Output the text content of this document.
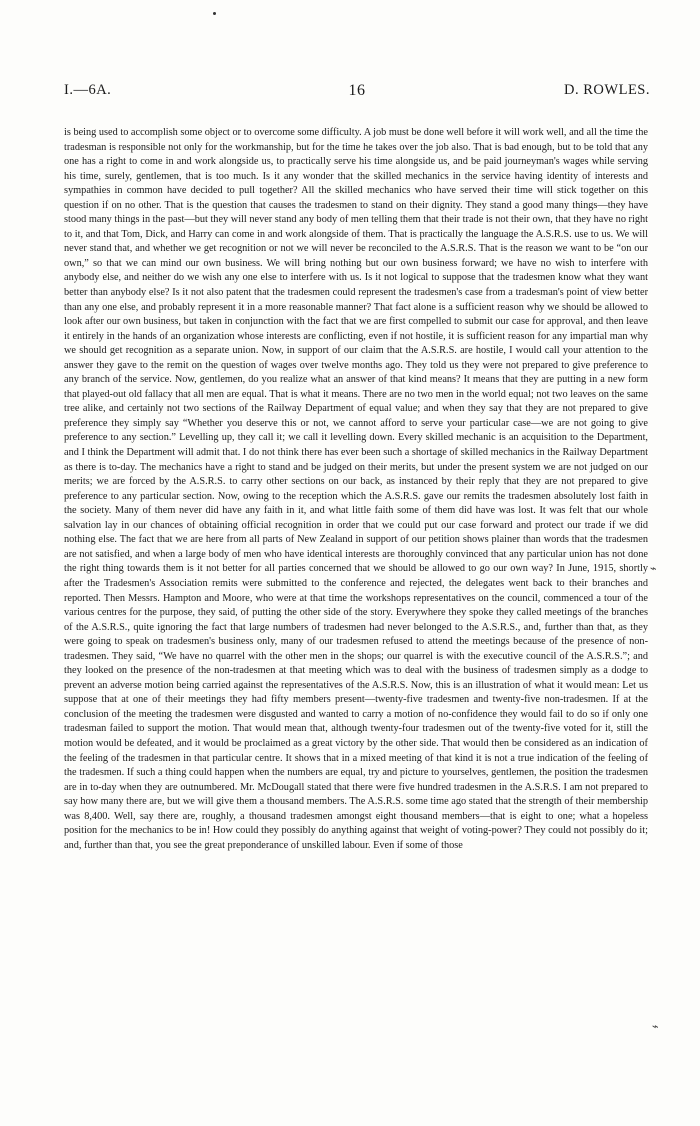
I.—6A.	16	D. ROWLES.
is being used to accomplish some object or to overcome some difficulty. A job must be done well before it will work well, and all the time the tradesman is responsible not only for the workmanship, but for the time he takes over the job also. That is bad enough, but to be told that any one has a right to come in and work alongside us, to practically serve his time alongside us, and be paid journeyman's wages while serving his time, surely, gentlemen, that is too much. Is it any wonder that the skilled mechanics in the service having identity of interests and sympathies in common have decided to pull together? All the skilled mechanics who have served their time will stick together on this question if on no other. That is the question that causes the tradesmen to stand on their dignity. They stand a good many things—they have stood many things in the past—but they will never stand any body of men telling them that their trade is not their own, that they have no right to it, and that Tom, Dick, and Harry can come in and work alongside of them. That is practically the language the A.S.R.S. use to us. We will never stand that, and whether we get recognition or not we will never be reconciled to the A.S.R.S. That is the reason we want to be “on our own,” so that we can mind our own business. We will bring nothing but our own business forward; we have no wish to interfere with anybody else, and neither do we wish any one else to interfere with us. Is it not logical to suppose that the tradesmen know what they want better than anybody else? Is it not also patent that the tradesmen could represent the tradesmen's case from a tradesman's point of view better than any one else, and probably represent it in a more reasonable manner? That fact alone is a sufficient reason why we should be allowed to look after our own business, but taken in conjunction with the fact that we are first compelled to submit our case for approval, and then leave it entirely in the hands of an organization whose interests are conflicting, even if not hostile, it is sufficient reason for any impartial man why we should get recognition as a separate union. Now, in support of our claim that the A.S.R.S. are hostile, I would call your attention to the answer they gave to the remit on the question of wages over twelve months ago. They told us they were not prepared to give preference to any branch of the service. Now, gentlemen, do you realize what an answer of that kind means? It means that they are putting in a new form that played-out old fallacy that all men are equal. That is what it means. There are no two men in the world equal; not two leaves on the same tree alike, and certainly not two sections of the Railway Department of equal value; and when they say that they are not prepared to give preference they simply say “Whether you deserve this or not, we cannot afford to serve your particular case—we are not going to give preference to any section.” Levelling up, they call it; we call it levelling down. Every skilled mechanic is an acquisition to the Department, and I think the Department will admit that. I do not think there has ever been such a shortage of skilled mechanics in the Railway Department as there is to-day. The mechanics have a right to stand and be judged on their merits, but under the present system we are not judged on our merits; we are forced by the A.S.R.S. to carry other sections on our back, as instanced by their reply that they are not prepared to give preference to any particular section. Now, owing to the reception which the A.S.R.S. gave our remits the tradesmen absolutely lost faith in the society. Many of them never did have any faith in it, and what little faith some of them did have was lost. It was felt that our whole salvation lay in our chances of obtaining official recognition in order that we could put our case forward and protect our trade if we did nothing else. The fact that we are here from all parts of New Zealand in support of our petition shows plainer than words that the tradesmen are not satisfied, and when a large body of men who have identical interests are thoroughly convinced that any particular union has not done the right thing towards them is it not better for all parties concerned that we should be allowed to go our own way? In June, 1915, shortly after the Tradesmen's Association remits were submitted to the conference and rejected, the delegates went back to their branches and reported. Then Messrs. Hampton and Moore, who were at that time the workshops representatives on the council, commenced a tour of the various centres for the purpose, they said, of putting the other side of the story. Everywhere they spoke they called meetings of the branches of the A.S.R.S., quite ignoring the fact that large numbers of tradesmen had never belonged to the A.S.R.S., and, further than that, as they were going to speak on tradesmen's business only, many of our tradesmen refused to attend the meetings because of the presence of non-tradesmen. They said, “We have no quarrel with the other men in the shops; our quarrel is with the executive council of the A.S.R.S.”; and they looked on the presence of the non-tradesmen at that meeting which was to deal with the business of tradesmen simply as a dodge to prevent an adverse motion being carried against the representatives of the A.S.R.S. Now, this is an illustration of what it would mean: Let us suppose that at one of their meetings they had fifty members present—twenty-five tradesmen and twenty-five non-tradesmen. If at the conclusion of the meeting the tradesmen were disgusted and wanted to carry a motion of no-confidence they would fail to do so if only one tradesman failed to support the motion. That would mean that, although twenty-four tradesmen out of the twenty-five voted for it, still the motion would be defeated, and it would be proclaimed as a great victory by the other side. That would then be considered as an indication of the feeling of the tradesmen in that particular centre. It shows that in a mixed meeting of that kind it is not a true indication of the feeling of the tradesmen. If such a thing could happen when the numbers are equal, try and picture to yourselves, gentlemen, the position the tradesmen are in to-day when they are outnumbered. Mr. McDougall stated that there were five hundred tradesmen in the A.S.R.S. I am not prepared to say how many there are, but we will give them a thousand members. The A.S.R.S. some time ago stated that the strength of their membership was 8,400. Well, say there are, roughly, a thousand tradesmen amongst eight thousand members—that is eight to one; what a hopeless position for the mechanics to be in! How could they possibly do anything against that weight of voting-power? They could not possibly do it; and, further than that, you see the great preponderance of unskilled labour. Even if some of those
⌁
⌁
